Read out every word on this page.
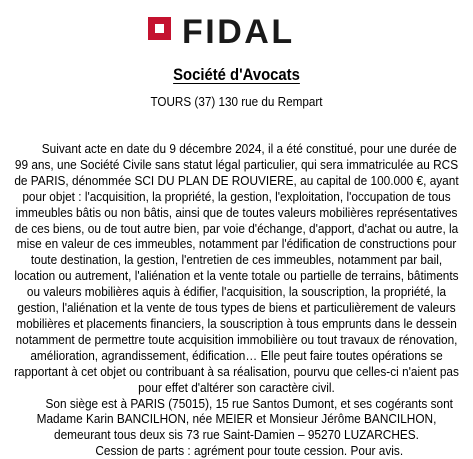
FIDAL
Société d'Avocats
TOURS (37) 130 rue du Rempart

Suivant acte en date du 9 décembre 2024, il a été constitué, pour une durée de 99 ans, une Société Civile sans statut légal particulier, qui sera immatriculée au RCS de PARIS, dénommée SCI DU PLAN DE ROUVIERE, au capital de 100.000 €, ayant pour objet : l'acquisition, la propriété, la gestion, l'exploitation, l'occupation de tous immeubles bâtis ou non bâtis, ainsi que de toutes valeurs mobilières représentatives de ces biens, ou de tout autre bien, par voie d'échange, d'apport, d'achat ou autre, la mise en valeur de ces immeubles, notamment par l'édification de constructions pour toute destination, la gestion, l'entretien de ces immeubles, notamment par bail, location ou autrement, l'aliénation et la vente totale ou partielle de terrains, bâtiments ou valeurs mobilières aquis à édifier, l'acquisition, la souscription, la propriété, la gestion, l'aliénation et la vente de tous types de biens et particulièrement de valeurs mobilières et placements financiers, la souscription à tous emprunts dans le dessein notamment de permettre toute acquisition immobilière ou tout travaux de rénovation, amélioration, agrandissement, édification… Elle peut faire toutes opérations se rapportant à cet objet ou contribuant à sa réalisation, pourvu que celles-ci n'aient pas pour effet d'altérer son caractère civil.

Son siège est à PARIS (75015), 15 rue Santos Dumont, et ses cogérants sont Madame Karin BANCILHON, née MEIER et Monsieur Jérôme BANCILHON, demeurant tous deux sis 73 rue Saint-Damien – 95270 LUZARCHES.

Cession de parts : agrément pour toute cession. Pour avis.
